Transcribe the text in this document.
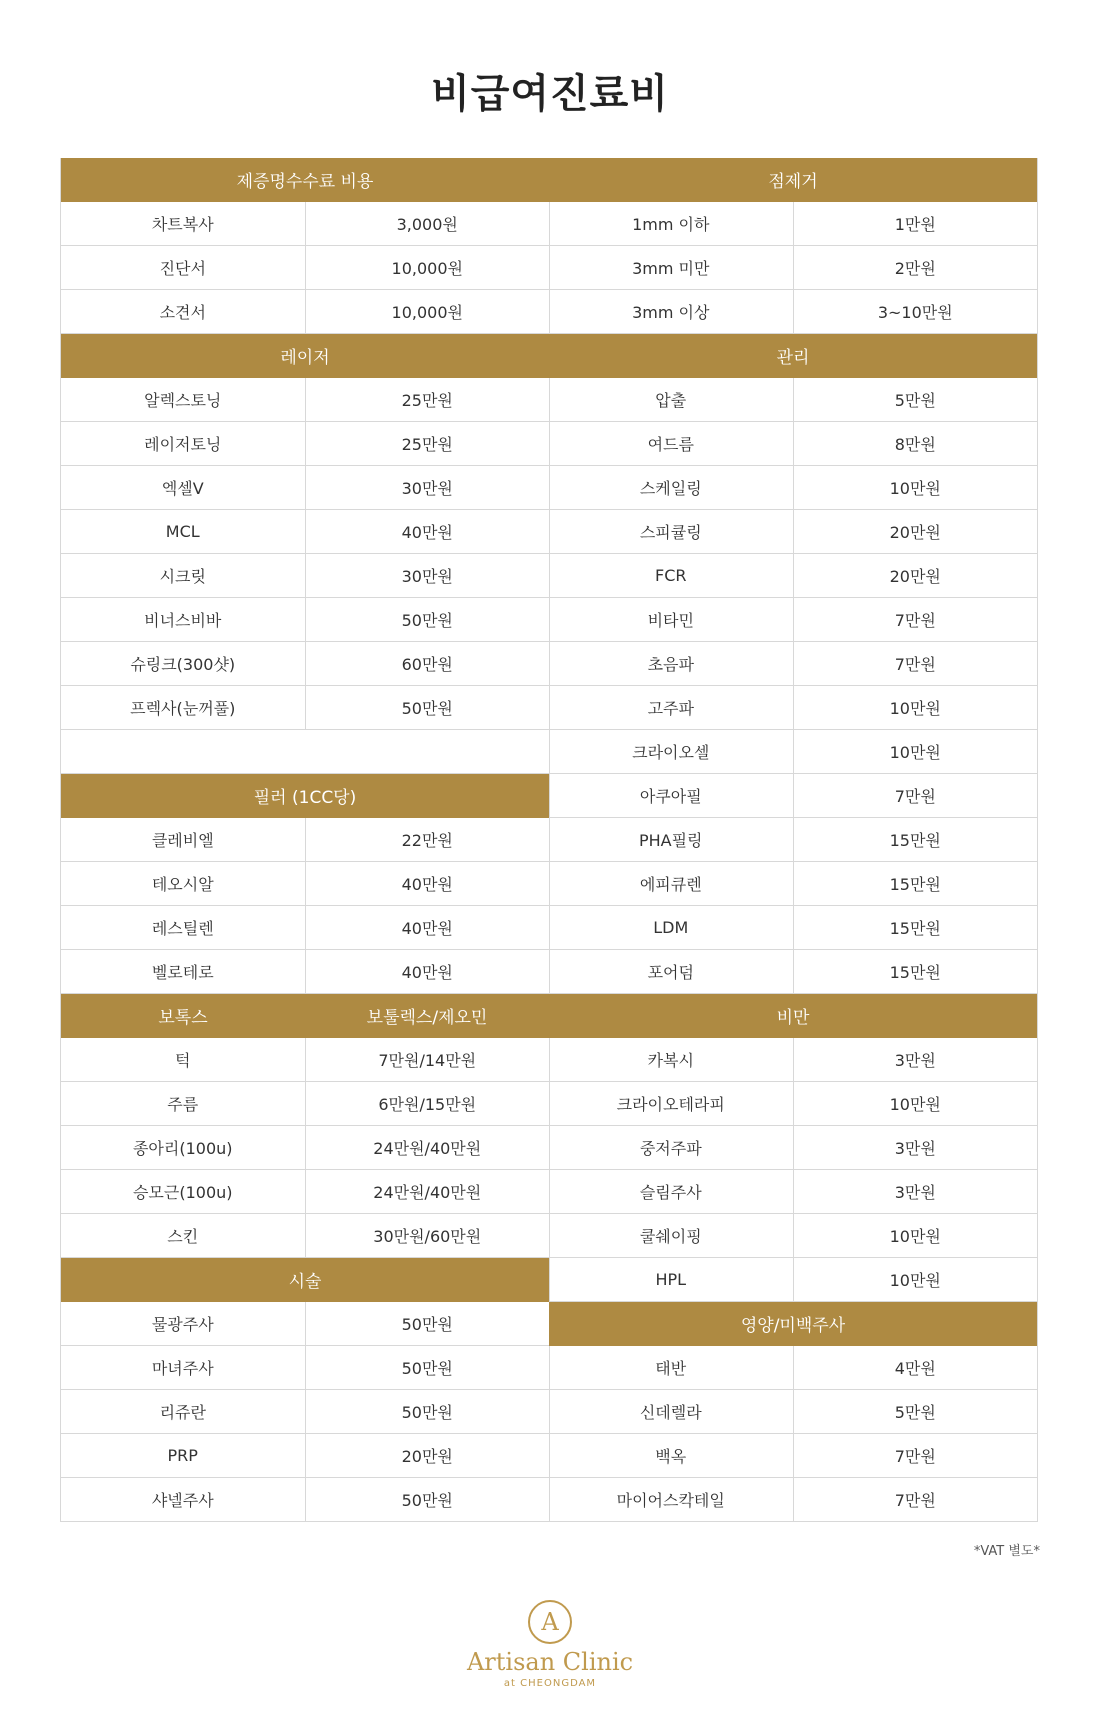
비급여진료비
제증명수수료 비용
차트복사	3,000원
진단서	10,000원
소견서	10,000원
레이저
알렉스토닝	25만원
레이저토닝	25만원
엑셀V	30만원
MCL	40만원
시크릿	30만원
비너스비바	50만원
슈링크(300샷)	60만원
프렉사(눈꺼풀)	50만원
필러 (1CC당)
클레비엘	22만원
테오시알	40만원
레스틸렌	40만원
벨로테로	40만원
보톡스	보툴렉스/제오민
턱	7만원/14만원
주름	6만원/15만원
종아리(100u)	24만원/40만원
승모근(100u)	24만원/40만원
스킨	30만원/60만원
시술
물광주사	50만원
마녀주사	50만원
리쥬란	50만원
PRP	20만원
샤넬주사	50만원
점제거
1mm 이하	1만원
3mm 미만	2만원
3mm 이상	3~10만원
관리
압출	5만원
여드름	8만원
스케일링	10만원
스피큘링	20만원
FCR	20만원
비타민	7만원
초음파	7만원
고주파	10만원
크라이오셀	10만원
아쿠아필	7만원
PHA필링	15만원
에피큐렌	15만원
LDM	15만원
포어덤	15만원
비만
카복시	3만원
크라이오테라피	10만원
중저주파	3만원
슬림주사	3만원
쿨쉐이핑	10만원
HPL	10만원
영양/미백주사
태반	4만원
신데렐라	5만원
백옥	7만원
마이어스칵테일	7만원
*VAT 별도*
A
Artisan Clinic
at CHEONGDAM
